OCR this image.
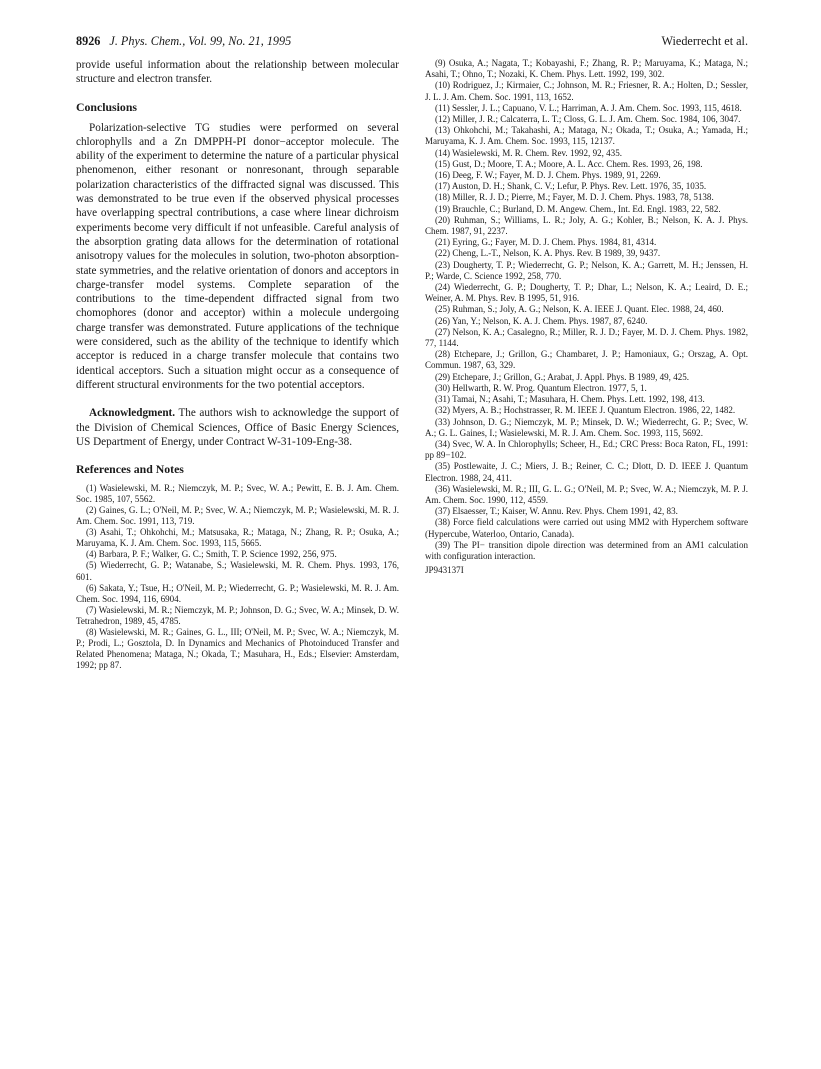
8926 J. Phys. Chem., Vol. 99, No. 21, 1995	Wiederrecht et al.

provide useful information about the relationship between molecular structure and electron transfer.

Conclusions

Polarization-selective TG studies were performed on several chlorophylls and a Zn DMPPH-PI donor−acceptor molecule. The ability of the experiment to determine the nature of a particular physical phenomenon, either resonant or nonresonant, through separable polarization characteristics of the diffracted signal was discussed. This was demonstrated to be true even if the observed physical processes have overlapping spectral contributions, a case where linear dichroism experiments become very difficult if not unfeasible. Careful analysis of the absorption grating data allows for the determination of rotational anisotropy values for the molecules in solution, two-photon absorption-state symmetries, and the relative orientation of donors and acceptors in charge-transfer model systems. Complete separation of the contributions to the time-dependent diffracted signal from two chomophores (donor and acceptor) within a molecule undergoing charge transfer was demonstrated. Future applications of the technique were considered, such as the ability of the technique to identify which acceptor is reduced in a charge transfer molecule that contains two identical acceptors. Such a situation might occur as a consequence of different structural environments for the two potential acceptors.

Acknowledgment. The authors wish to acknowledge the support of the Division of Chemical Sciences, Office of Basic Energy Sciences, US Department of Energy, under Contract W-31-109-Eng-38.

References and Notes
(1) Wasielewski, M. R.; Niemczyk, M. P.; Svec, W. A.; Pewitt, E. B. J. Am. Chem. Soc. 1985, 107, 5562.
(2) Gaines, G. L.; O'Neil, M. P.; Svec, W. A.; Niemczyk, M. P.; Wasielewski, M. R. J. Am. Chem. Soc. 1991, 113, 719.
(3) Asahi, T.; Ohkohchi, M.; Matsusaka, R.; Mataga, N.; Zhang, R. P.; Osuka, A.; Maruyama, K. J. Am. Chem. Soc. 1993, 115, 5665.
(4) Barbara, P. F.; Walker, G. C.; Smith, T. P. Science 1992, 256, 975.
(5) Wiederrecht, G. P.; Watanabe, S.; Wasielewski, M. R. Chem. Phys. 1993, 176, 601.
(6) Sakata, Y.; Tsue, H.; O'Neil, M. P.; Wiederrecht, G. P.; Wasielewski, M. R. J. Am. Chem. Soc. 1994, 116, 6904.
(7) Wasielewski, M. R.; Niemczyk, M. P.; Johnson, D. G.; Svec, W. A.; Minsek, D. W. Tetrahedron, 1989, 45, 4785.
(8) Wasielewski, M. R.; Gaines, G. L., III; O'Neil, M. P.; Svec, W. A.; Niemczyk, M. P.; Prodi, L.; Gosztola, D. In Dynamics and Mechanics of Photoinduced Transfer and Related Phenomena; Mataga, N.; Okada, T.; Masuhara, H., Eds.; Elsevier: Amsterdam, 1992; pp 87.
(9) Osuka, A.; Nagata, T.; Kobayashi, F.; Zhang, R. P.; Maruyama, K.; Mataga, N.; Asahi, T.; Ohno, T.; Nozaki, K. Chem. Phys. Lett. 1992, 199, 302.
(10) Rodriguez, J.; Kirmaier, C.; Johnson, M. R.; Friesner, R. A.; Holten, D.; Sessler, J. L. J. Am. Chem. Soc. 1991, 113, 1652.
(11) Sessler, J. L.; Capuano, V. L.; Harriman, A. J. Am. Chem. Soc. 1993, 115, 4618.
(12) Miller, J. R.; Calcaterra, L. T.; Closs, G. L. J. Am. Chem. Soc. 1984, 106, 3047.
(13) Ohkohchi, M.; Takahashi, A.; Mataga, N.; Okada, T.; Osuka, A.; Yamada, H.; Maruyama, K. J. Am. Chem. Soc. 1993, 115, 12137.
(14) Wasielewski, M. R. Chem. Rev. 1992, 92, 435.
(15) Gust, D.; Moore, T. A.; Moore, A. L. Acc. Chem. Res. 1993, 26, 198.
(16) Deeg, F. W.; Fayer, M. D. J. Chem. Phys. 1989, 91, 2269.
(17) Auston, D. H.; Shank, C. V.; Lefur, P. Phys. Rev. Lett. 1976, 35, 1035.
(18) Miller, R. J. D.; Pierre, M.; Fayer, M. D. J. Chem. Phys. 1983, 78, 5138.
(19) Brauchle, C.; Burland, D. M. Angew. Chem., Int. Ed. Engl. 1983, 22, 582.
(20) Ruhman, S.; Williams, L. R.; Joly, A. G.; Kohler, B.; Nelson, K. A. J. Phys. Chem. 1987, 91, 2237.
(21) Eyring, G.; Fayer, M. D. J. Chem. Phys. 1984, 81, 4314.
(22) Cheng, L.-T., Nelson, K. A. Phys. Rev. B 1989, 39, 9437.
(23) Dougherty, T. P.; Wiederrecht, G. P.; Nelson, K. A.; Garrett, M. H.; Jenssen, H. P.; Warde, C. Science 1992, 258, 770.
(24) Wiederrecht, G. P.; Dougherty, T. P.; Dhar, L.; Nelson, K. A.; Leaird, D. E.; Weiner, A. M. Phys. Rev. B 1995, 51, 916.
(25) Ruhman, S.; Joly, A. G.; Nelson, K. A. IEEE J. Quant. Elec. 1988, 24, 460.
(26) Yan, Y.; Nelson, K. A. J. Chem. Phys. 1987, 87, 6240.
(27) Nelson, K. A.; Casalegno, R.; Miller, R. J. D.; Fayer, M. D. J. Chem. Phys. 1982, 77, 1144.
(28) Etchepare, J.; Grillon, G.; Chambaret, J. P.; Hamoniaux, G.; Orszag, A. Opt. Commun. 1987, 63, 329.
(29) Etchepare, J.; Grillon, G.; Arabat, J. Appl. Phys. B 1989, 49, 425.
(30) Hellwarth, R. W. Prog. Quantum Electron. 1977, 5, 1.
(31) Tamai, N.; Asahi, T.; Masuhara, H. Chem. Phys. Lett. 1992, 198, 413.
(32) Myers, A. B.; Hochstrasser, R. M. IEEE J. Quantum Electron. 1986, 22, 1482.
(33) Johnson, D. G.; Niemczyk, M. P.; Minsek, D. W.; Wiederrecht, G. P.; Svec, W. A.; G. L. Gaines, I.; Wasielewski, M. R. J. Am. Chem. Soc. 1993, 115, 5692.
(34) Svec, W. A. In Chlorophylls; Scheer, H., Ed.; CRC Press: Boca Raton, FL, 1991: pp 89−102.
(35) Postlewaite, J. C.; Miers, J. B.; Reiner, C. C.; Dlott, D. D. IEEE J. Quantum Electron. 1988, 24, 411.
(36) Wasielewski, M. R.; III, G. L. G.; O'Neil, M. P.; Svec, W. A.; Niemczyk, M. P. J. Am. Chem. Soc. 1990, 112, 4559.
(37) Elsaesser, T.; Kaiser, W. Annu. Rev. Phys. Chem 1991, 42, 83.
(38) Force field calculations were carried out using MM2 with Hyperchem software (Hypercube, Waterloo, Ontario, Canada).
(39) The PI− transition dipole direction was determined from an AM1 calculation with configuration interaction.
JP943137I
